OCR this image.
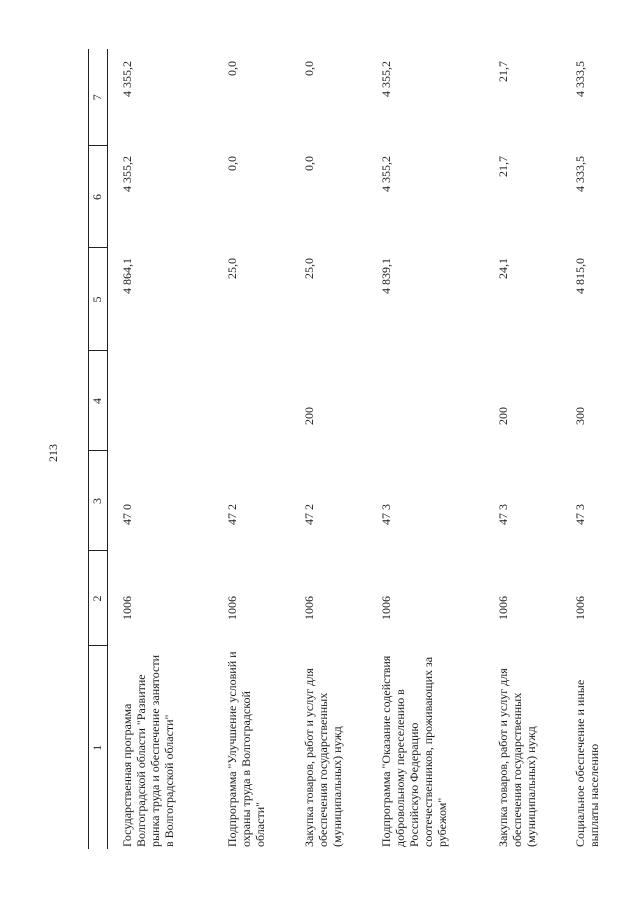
213
1	2	3	4	5	6	7
Государственная программа Волгоградской области "Развитие рынка труда и обеспечение занятости в Волгоградской области"	1006	47 0		4 864,1	4 355,2	4 355,2
Подпрограмма "Улучшение условий и охраны труда в Волгоградской области"	1006	47 2		25,0	0,0	0,0
Закупка товаров, работ и услуг для обеспечения государственных (муниципальных) нужд	1006	47 2	200	25,0	0,0	0,0
Подпрограмма "Оказание содействия добровольному переселению в Российскую Федерацию соотечественников, проживающих за рубежом"	1006	47 3		4 839,1	4 355,2	4 355,2
Закупка товаров, работ и услуг для обеспечения государственных (муниципальных) нужд	1006	47 3	200	24,1	21,7	21,7
Социальное обеспечение и иные выплаты населению	1006	47 3	300	4 815,0	4 333,5	4 333,5
